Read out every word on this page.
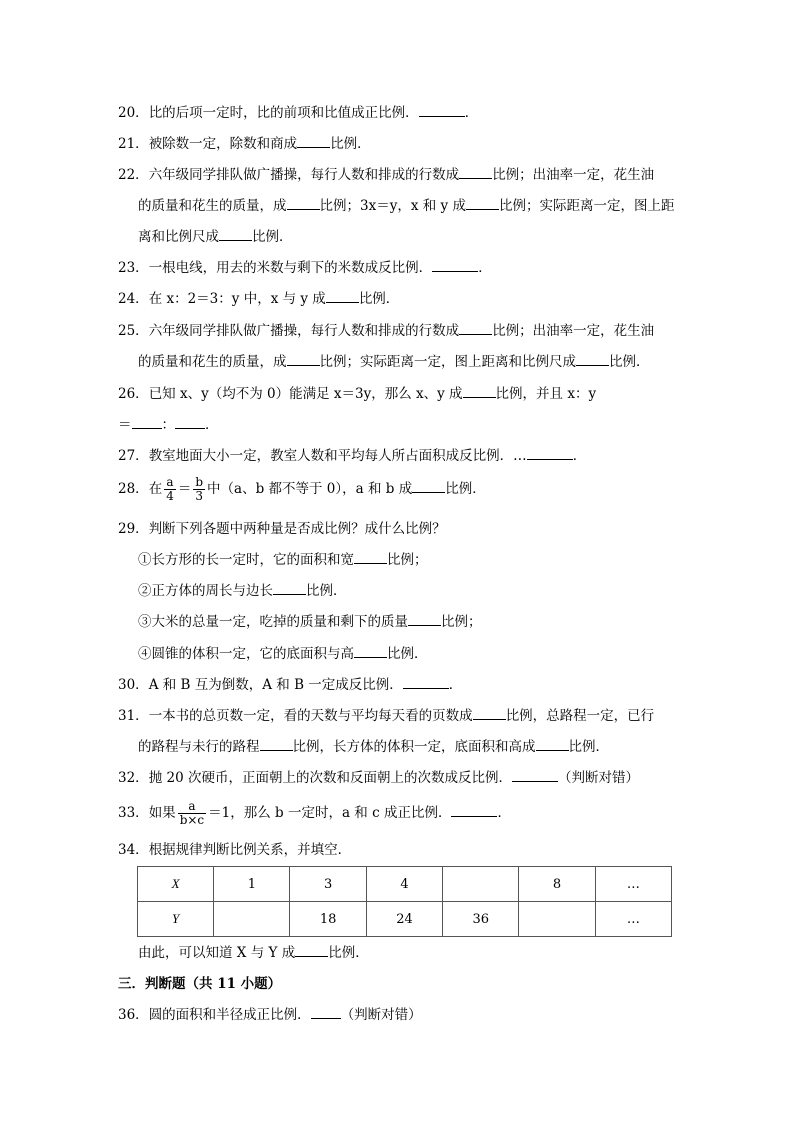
20．比的后项一定时，比的前项和比值成正比例．	．
21．被除数一定，除数和商成 比例．
22．六年级同学排队做广播操，每行人数和排成的行数成 比例；出油率一定，花生油
的质量和花生的质量，成 比例；3x＝y，x 和 y 成 比例；实际距离一定，图上距
离和比例尺成 比例．
23．一根电线，用去的米数与剩下的米数成反比例．	．
24．在 x：2＝3：y 中，x 与 y 成 比例．
25．六年级同学排队做广播操，每行人数和排成的行数成 比例；出油率一定，花生油
的质量和花生的质量，成 比例；实际距离一定，图上距离和比例尺成 比例．
26．已知 x、y（均不为 0）能满足 x＝3y，那么 x、y 成 比例，并且 x：y
＝ ： ．
27．教室地面大小一定，教室人数和平均每人所占面积成反比例．…	．
28．在 $\frac{a}{4} = \frac{b}{3}$ 中（a、b 都不等于 0），a 和 b 成 比例．
29．判断下列各题中两种量是否成比例？成什么比例？
①长方形的长一定时，它的面积和宽 比例；
②正方体的周长与边长 比例．
③大米的总量一定，吃掉的质量和剩下的质量 比例；
④圆锥的体积一定，它的底面积与高 比例．
30．A 和 B 互为倒数，A 和 B 一定成反比例．	．
31．一本书的总页数一定，看的天数与平均每天看的页数成 比例，总路程一定，已行
的路程与未行的路程 比例，长方体的体积一定，底面积和高成 比例．
32．抛 20 次硬币，正面朝上的次数和反面朝上的次数成反比例．	（判断对错）
33．如果 $\frac{a}{b\times c} =1$，那么 b 一定时，a 和 c 成正比例．	．
34．根据规律判断比例关系，并填空．
X	1	3	4		8	…
Y		18	24	36		…
由此，可以知道 X 与 Y 成 比例．
三．判断题（共 11 小题）
36．圆的面积和半径成正比例． （判断对错）
